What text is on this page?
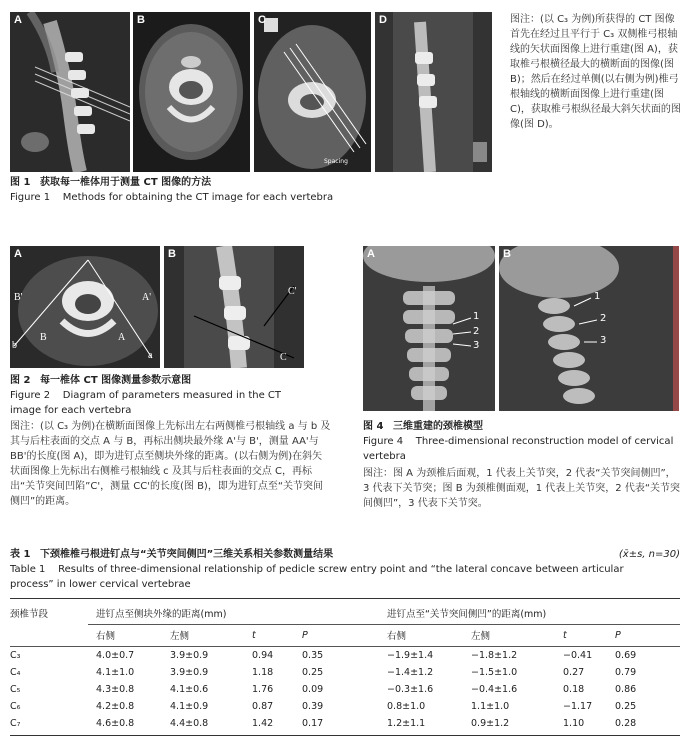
A	B	C
Spacing
D	图注：(以 C₃ 为例)所获得的 CT 图像首先在经过且平行于 C₃ 双侧椎弓根轴线的矢状面图像上进行重建(图 A)，获取椎弓根横径最大的横断面的图像(图 B)；然后在经过单侧(以右侧为例)椎弓根轴线的横断面图像上进行重建(图 C)，获取椎弓根纵径最大斜矢状面的图像(图 D)。
图 1 获取每一椎体用于测量 CT 图像的方法
Figure 1 Methods for obtaining the CT image for each vertebra
A
B'	A'
b
a
B	A
B
C'
C
图 2 每一椎体 CT 图像测量参数示意图
Figure 2 Diagram of parameters measured in the CT image for each vertebra
图注：(以 C₃ 为例)在横断面图像上先标出左右两侧椎弓根轴线 a 与 b 及其与后柱表面的交点 A 与 B，再标出侧块最外缘 A'与 B'，测量 AA'与 BB'的长度(图 A)，即为进钉点至侧块外缘的距离。(以右侧为例)在斜矢状面图像上先标出右侧椎弓根轴线 c 及其与后柱表面的交点 C，再标出“关节突间凹陷”C'，测量 CC'的长度(图 B)，即为进钉点至“关节突间侧凹”的距离。
A
1
2
3
B
1
2
3
图 4 三维重建的颈椎模型
Figure 4 Three-dimensional reconstruction model of cervical vertebra
图注：图 A 为颈椎后面观，1 代表上关节突，2 代表“关节突间侧凹”，3 代表下关节突；图 B 为颈椎侧面观，1 代表上关节突，2 代表“关节突间侧凹”，3 代表下关节突。
表 1 下颈椎椎弓根进钉点与“关节突间侧凹”三维关系相关参数测量结果	(x̄±s, n=30)
Table 1 Results of three-dimensional relationship of pedicle screw entry point and “the lateral concave between articular process” in lower cervical vertebrae
颈椎节段	进钉点至侧块外缘的距离(mm)				进钉点至“关节突间侧凹”的距离(mm)			
	右侧	左侧	t	P	右侧	左侧	t	P
C₃	4.0±0.7	3.9±0.9	0.94	0.35	−1.9±1.4	−1.8±1.2	−0.41	0.69
C₄	4.1±1.0	3.9±0.9	1.18	0.25	−1.4±1.2	−1.5±1.0	0.27	0.79
C₅	4.3±0.8	4.1±0.6	1.76	0.09	−0.3±1.6	−0.4±1.6	0.18	0.86
C₆	4.2±0.8	4.1±0.9	0.87	0.39	0.8±1.0	1.1±1.0	−1.17	0.25
C₇	4.6±0.8	4.4±0.8	1.42	0.17	1.2±1.1	0.9±1.2	1.10	0.28
